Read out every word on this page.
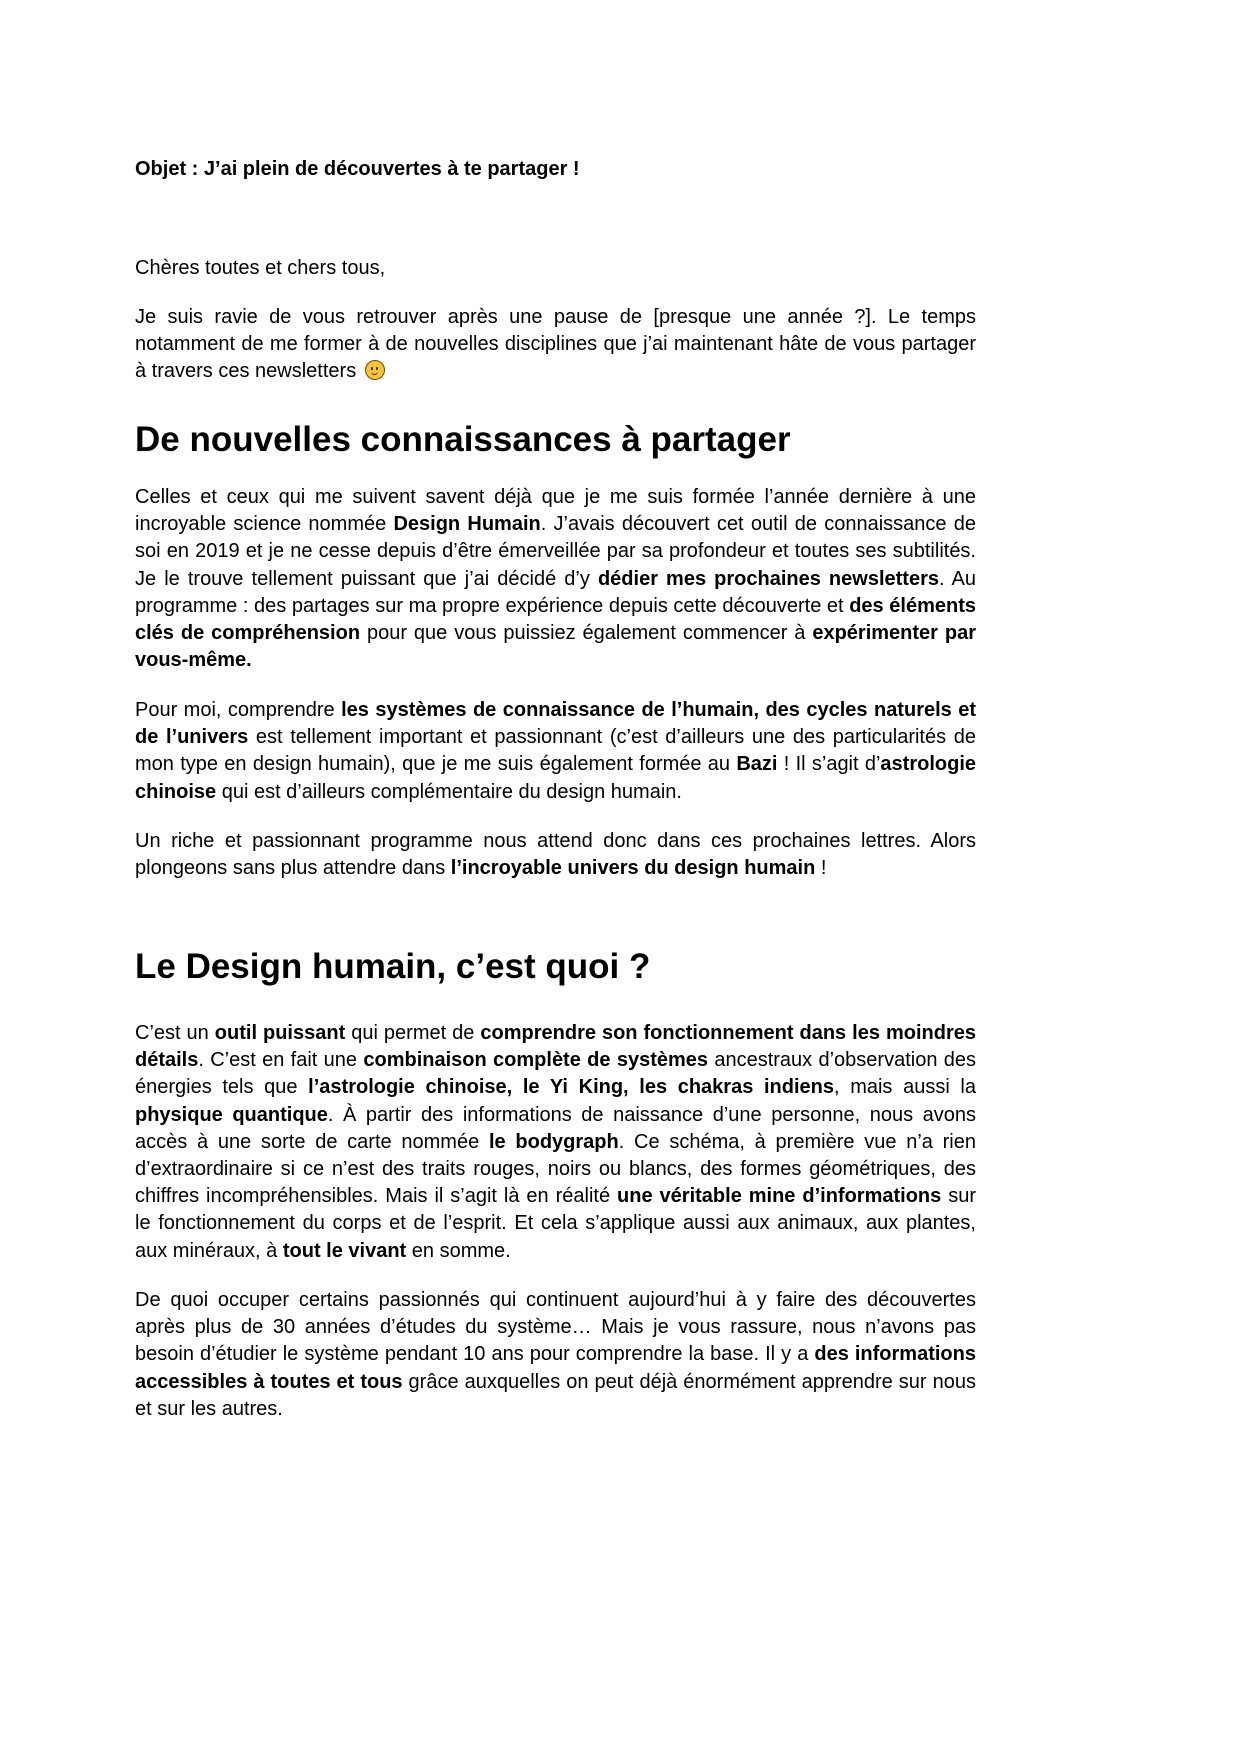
Objet : J’ai plein de découvertes à te partager !
Chères toutes et chers tous,
Je suis ravie de vous retrouver après une pause de [presque une année ?]. Le temps notamment de me former à de nouvelles disciplines que j’ai maintenant hâte de vous partager à travers ces newsletters
De nouvelles connaissances à partager
Celles et ceux qui me suivent savent déjà que je me suis formée l’année dernière à une incroyable science nommée Design Humain. J’avais découvert cet outil de connaissance de soi en 2019 et je ne cesse depuis d’être émerveillée par sa profondeur et toutes ses subtilités. Je le trouve tellement puissant que j’ai décidé d’y dédier mes prochaines newsletters. Au programme : des partages sur ma propre expérience depuis cette découverte et des éléments clés de compréhension pour que vous puissiez également commencer à expérimenter par vous-même.
Pour moi, comprendre les systèmes de connaissance de l’humain, des cycles naturels et de l’univers est tellement important et passionnant (c’est d’ailleurs une des particularités de mon type en design humain), que je me suis également formée au Bazi ! Il s’agit d’astrologie chinoise qui est d’ailleurs complémentaire du design humain.
Un riche et passionnant programme nous attend donc dans ces prochaines lettres. Alors plongeons sans plus attendre dans l’incroyable univers du design humain !
Le Design humain, c’est quoi ?
C’est un outil puissant qui permet de comprendre son fonctionnement dans les moindres détails. C’est en fait une combinaison complète de systèmes ancestraux d’observation des énergies tels que l’astrologie chinoise, le Yi King, les chakras indiens, mais aussi la physique quantique. À partir des informations de naissance d’une personne, nous avons accès à une sorte de carte nommée le bodygraph. Ce schéma, à première vue n’a rien d’extraordinaire si ce n’est des traits rouges, noirs ou blancs, des formes géométriques, des chiffres incompréhensibles. Mais il s’agit là en réalité une véritable mine d’informations sur le fonctionnement du corps et de l’esprit. Et cela s’applique aussi aux animaux, aux plantes, aux minéraux, à tout le vivant en somme.
De quoi occuper certains passionnés qui continuent aujourd’hui à y faire des découvertes après plus de 30 années d’études du système… Mais je vous rassure, nous n’avons pas besoin d’étudier le système pendant 10 ans pour comprendre la base. Il y a des informations accessibles à toutes et tous grâce auxquelles on peut déjà énormément apprendre sur nous et sur les autres.
